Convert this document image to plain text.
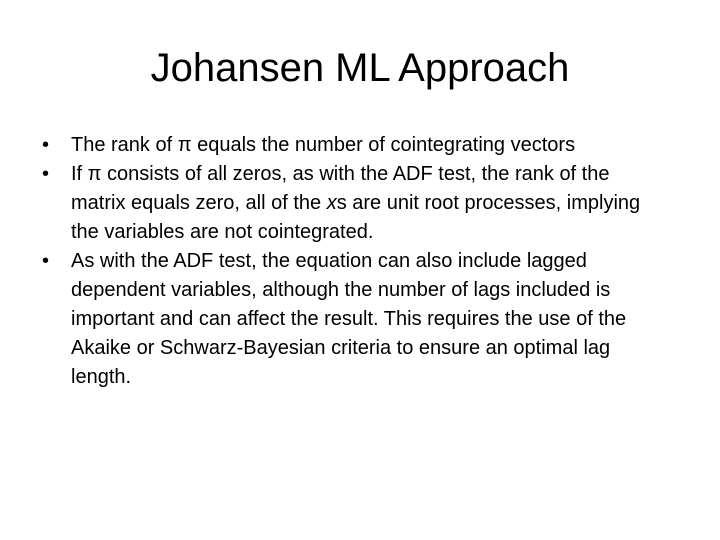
Johansen ML Approach
•	The rank of π equals the number of cointegrating vectors
•	If π consists of all zeros, as with the ADF test, the rank of the matrix equals zero, all of the xs are unit root processes, implying the variables are not cointegrated.
•	As with the ADF test, the equation can also include lagged dependent variables, although the number of lags included is important and can affect the result. This requires the use of the Akaike or Schwarz-Bayesian criteria to ensure an optimal lag length.
